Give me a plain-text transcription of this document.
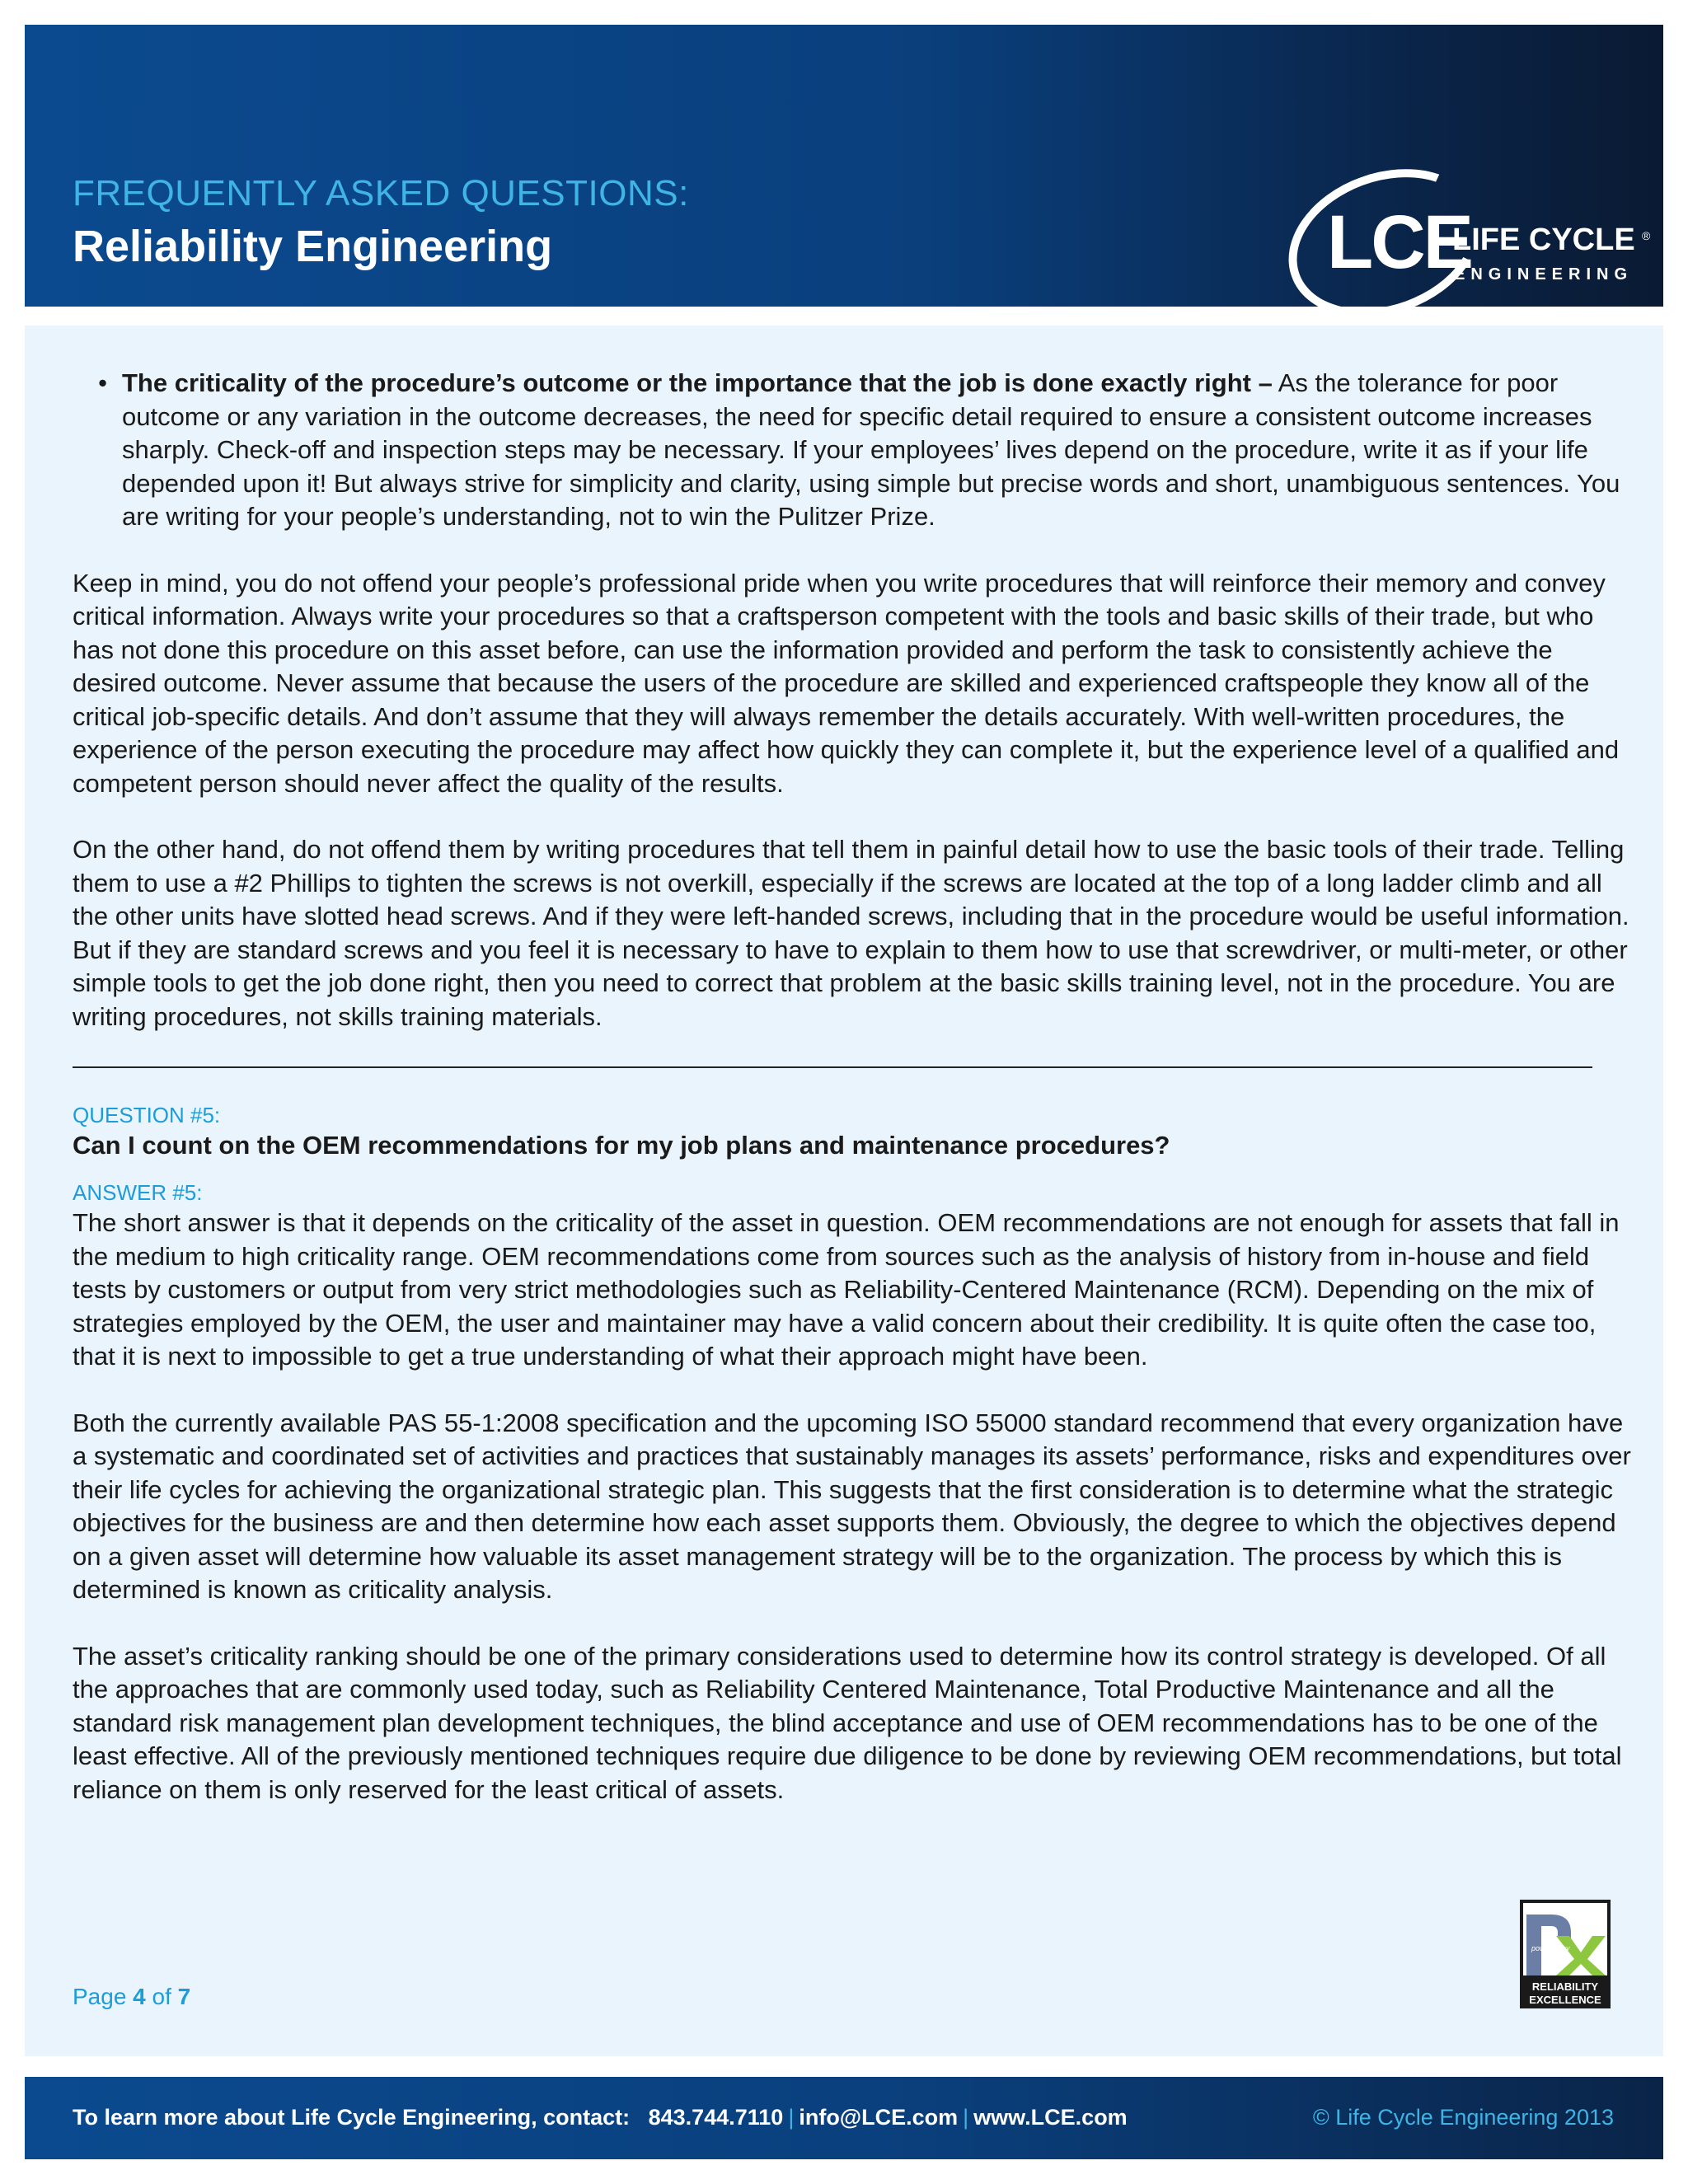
FREQUENTLY ASKED QUESTIONS:
Reliability Engineering	LCE
LIFE CYCLE ®
ENGINEERING
• The criticality of the procedure’s outcome or the importance that the job is done exactly right – As the tolerance for poor outcome or any variation in the outcome decreases, the need for specific detail required to ensure a consistent outcome increases sharply. Check-off and inspection steps may be necessary. If your employees’ lives depend on the procedure, write it as if your life depended upon it! But always strive for simplicity and clarity, using simple but precise words and short, unambiguous sentences. You are writing for your people’s understanding, not to win the Pulitzer Prize.

Keep in mind, you do not offend your people’s professional pride when you write procedures that will reinforce their memory and convey critical information. Always write your procedures so that a craftsperson competent with the tools and basic skills of their trade, but who has not done this procedure on this asset before, can use the information provided and perform the task to consistently achieve the desired outcome. Never assume that because the users of the procedure are skilled and experienced craftspeople they know all of the critical job-specific details. And don’t assume that they will always remember the details accurately. With well-written procedures, the experience of the person executing the procedure may affect how quickly they can complete it, but the experience level of a qualified and competent person should never affect the quality of the results.

On the other hand, do not offend them by writing procedures that tell them in painful detail how to use the basic tools of their trade. Telling them to use a #2 Phillips to tighten the screws is not overkill, especially if the screws are located at the top of a long ladder climb and all the other units have slotted head screws. And if they were left-handed screws, including that in the procedure would be useful information. But if they are standard screws and you feel it is necessary to have to explain to them how to use that screwdriver, or multi-meter, or other simple tools to get the job done right, then you need to correct that problem at the basic skills training level, not in the procedure. You are writing procedures, not skills training materials.

QUESTION #5:
Can I count on the OEM recommendations for my job plans and maintenance procedures?
ANSWER #5:

The short answer is that it depends on the criticality of the asset in question. OEM recommendations are not enough for assets that fall in the medium to high criticality range. OEM recommendations come from sources such as the analysis of history from in-house and field tests by customers or output from very strict methodologies such as Reliability-Centered Maintenance (RCM). Depending on the mix of strategies employed by the OEM, the user and maintainer may have a valid concern about their credibility. It is quite often the case too, that it is next to impossible to get a true understanding of what their approach might have been.

Both the currently available PAS 55-1:2008 specification and the upcoming ISO 55000 standard recommend that every organization have a systematic and coordinated set of activities and practices that sustainably manages its assets’ performance, risks and expenditures over their life cycles for achieving the organizational strategic plan. This suggests that the first consideration is to determine what the strategic objectives for the business are and then determine how each asset supports them. Obviously, the degree to which the objectives depend on a given asset will determine how valuable its asset management strategy will be to the organization. The process by which this is determined is known as criticality analysis.

The asset’s criticality ranking should be one of the primary considerations used to determine how its control strategy is developed. Of all the approaches that are commonly used today, such as Reliability Centered Maintenance, Total Productive Maintenance and all the standard risk management plan development techniques, the blind acceptance and use of OEM recommendations has to be one of the least effective. All of the previously mentioned techniques require due diligence to be done by reviewing OEM recommendations, but total reliance on them is only reserved for the least critical of assets.

Page 4 of 7
powered by
RELIABILITY
EXCELLENCE
To learn more about Life Cycle Engineering, contact: 843.744.7110 | info@LCE.com | www.LCE.com	© Life Cycle Engineering 2013
